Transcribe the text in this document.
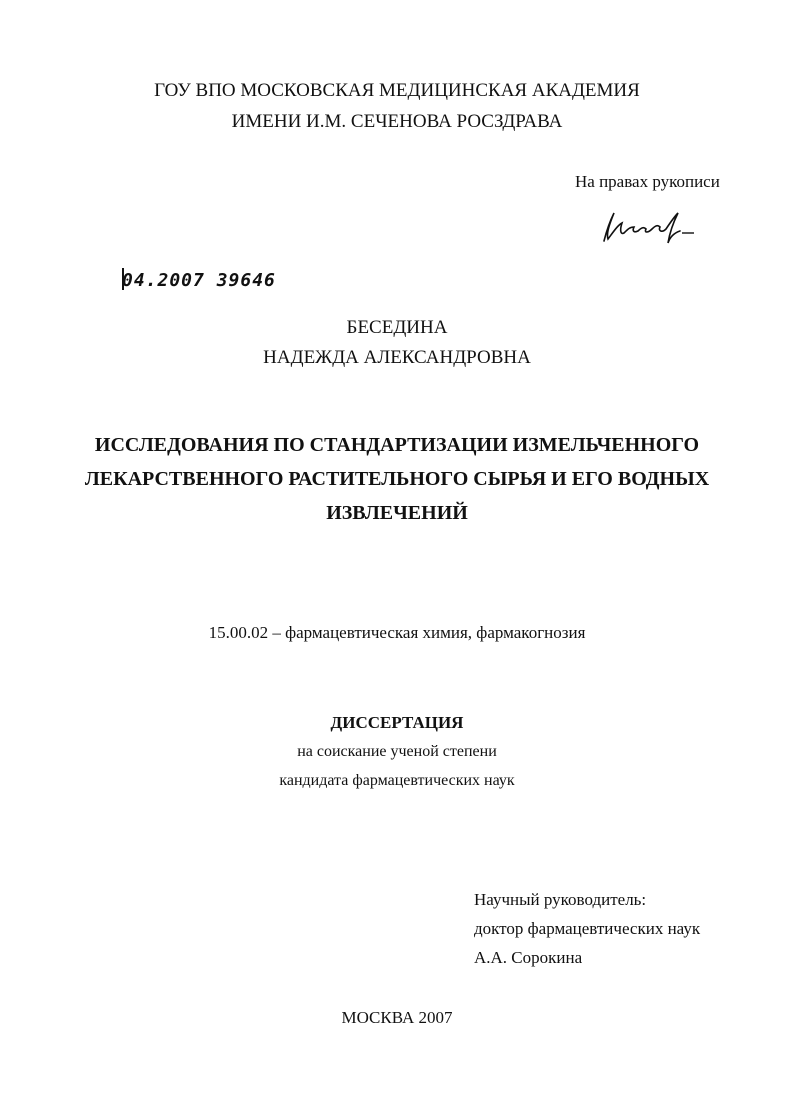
ГОУ ВПО МОСКОВСКАЯ МЕДИЦИНСКАЯ АКАДЕМИЯ
ИМЕНИ И.М. СЕЧЕНОВА РОСЗДРАВА
На правах рукописи
04.2007 39646
БЕСЕДИНА
НАДЕЖДА АЛЕКСАНДРОВНА
ИССЛЕДОВАНИЯ ПО СТАНДАРТИЗАЦИИ ИЗМЕЛЬЧЕННОГО
ЛЕКАРСТВЕННОГО РАСТИТЕЛЬНОГО СЫРЬЯ И ЕГО ВОДНЫХ
ИЗВЛЕЧЕНИЙ
15.00.02 – фармацевтическая химия, фармакогнозия
ДИССЕРТАЦИЯ
на соискание ученой степени
кандидата фармацевтических наук
Научный руководитель:
доктор фармацевтических наук
А.А. Сорокина
МОСКВА 2007
